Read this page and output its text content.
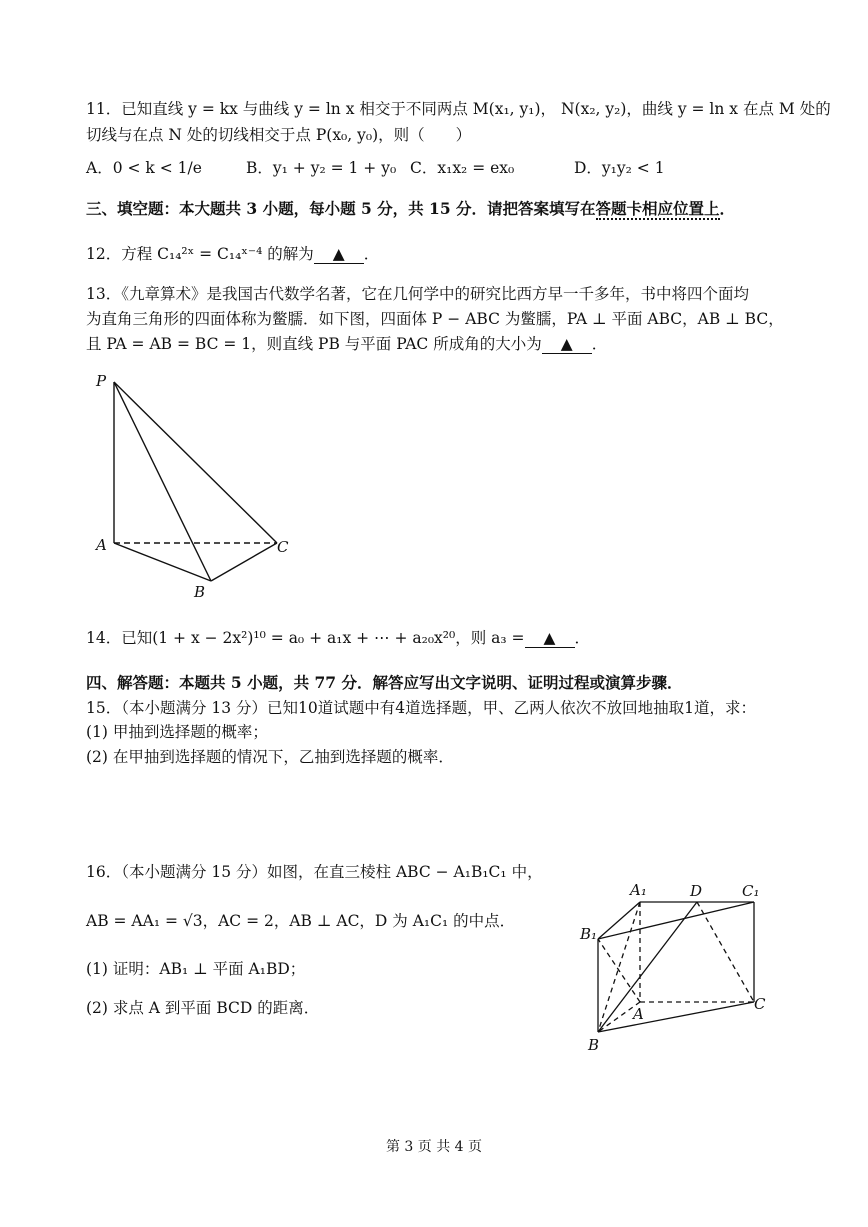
11．已知直线 y = kx 与曲线 y = ln x 相交于不同两点 M(x₁, y₁)， N(x₂, y₂)，曲线 y = ln x 在点 M 处的
切线与在点 N 处的切线相交于点 P(x₀, y₀)，则（　　）
A．0 < k < 1/e	B．y₁ + y₂ = 1 + y₀ C．x₁x₂ = ex₀	D．y₁y₂ < 1
三、填空题：本大题共 3 小题，每小题 5 分，共 15 分．请把答案填写在答题卡相应位置上．
12．方程 C₁₄²ˣ = C₁₄ˣ⁻⁴ 的解为 ▲ ．
13．《九章算术》是我国古代数学名著，它在几何学中的研究比西方早一千多年，书中将四个面均
为直角三角形的四面体称为鳖臑．如下图，四面体 P − ABC 为鳖臑，PA ⊥ 平面 ABC，AB ⊥ BC，
且 PA = AB = BC = 1，则直线 PB 与平面 PAC 所成角的大小为 ▲ ．
P
A
B
C
14．已知(1 + x − 2x²)¹⁰ = a₀ + a₁x + ⋯ + a₂₀x²⁰，则 a₃ = ▲ ．
四、解答题：本题共 5 小题，共 77 分．解答应写出文字说明、证明过程或演算步骤．
15．（本小题满分 13 分）已知10道试题中有4道选择题，甲、乙两人依次不放回地抽取1道，求：
(1) 甲抽到选择题的概率；
(2) 在甲抽到选择题的情况下，乙抽到选择题的概率．
16．（本小题满分 15 分）如图，在直三棱柱 ABC − A₁B₁C₁ 中，
AB = AA₁ = √3，AC = 2，AB ⊥ AC，D 为 A₁C₁ 的中点．
(1) 证明：AB₁ ⊥ 平面 A₁BD；
(2) 求点 A 到平面 BCD 的距离．
A₁	D	C₁
B₁
A
B
C
第 3 页 共 4 页
